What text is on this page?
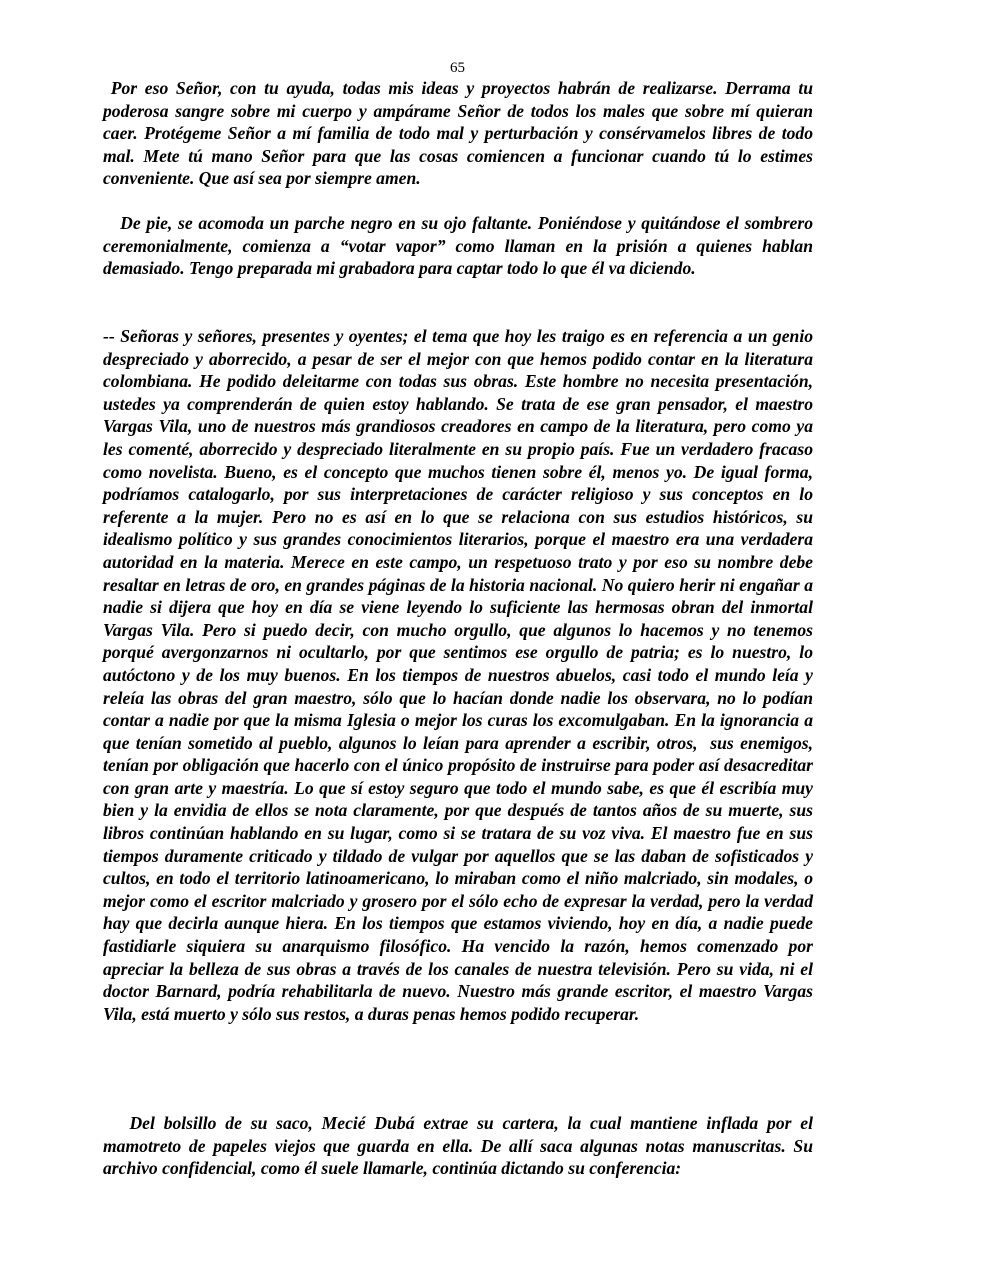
65

Por eso Señor, con tu ayuda, todas mis ideas y proyectos habrán de realizarse. Derrama tu poderosa sangre sobre mi cuerpo y ampárame Señor de todos los males que sobre mí quieran caer. Protégeme Señor a mí familia de todo mal y perturbación y consérvamelos libres de todo mal. Mete tú mano Señor para que las cosas comiencen a funcionar cuando tú lo estimes conveniente. Que así sea por siempre amen.

De pie, se acomoda un parche negro en su ojo faltante. Poniéndose y quitándose el sombrero ceremonialmente, comienza a “votar vapor” como llaman en la prisión a quienes hablan demasiado. Tengo preparada mi grabadora para captar todo lo que él va diciendo.

-- Señoras y señores, presentes y oyentes; el tema que hoy les traigo es en referencia a un genio despreciado y aborrecido, a pesar de ser el mejor con que hemos podido contar en la literatura colombiana. He podido deleitarme con todas sus obras. Este hombre no necesita presentación, ustedes ya comprenderán de quien estoy hablando. Se trata de ese gran pensador, el maestro Vargas Vila, uno de nuestros más grandiosos creadores en campo de la literatura, pero como ya les comenté, aborrecido y despreciado literalmente en su propio país. Fue un verdadero fracaso como novelista. Bueno, es el concepto que muchos tienen sobre él, menos yo. De igual forma, podríamos catalogarlo, por sus interpretaciones de carácter religioso y sus conceptos en lo referente a la mujer. Pero no es así en lo que se relaciona con sus estudios históricos, su idealismo político y sus grandes conocimientos literarios, porque el maestro era una verdadera autoridad en la materia. Merece en este campo, un respetuoso trato y por eso su nombre debe resaltar en letras de oro, en grandes páginas de la historia nacional. No quiero herir ni engañar a nadie si dijera que hoy en día se viene leyendo lo suficiente las hermosas obran del inmortal Vargas Vila. Pero si puedo decir, con mucho orgullo, que algunos lo hacemos y no tenemos porqué avergonzarnos ni ocultarlo, por que sentimos ese orgullo de patria; es lo nuestro, lo autóctono y de los muy buenos. En los tiempos de nuestros abuelos, casi todo el mundo leía y releía las obras del gran maestro, sólo que lo hacían donde nadie los observara, no lo podían contar a nadie por que la misma Iglesia o mejor los curas los excomulgaban. En la ignorancia a que tenían sometido al pueblo, algunos lo leían para aprender a escribir, otros,  sus enemigos, tenían por obligación que hacerlo con el único propósito de instruirse para poder así desacreditar con gran arte y maestría. Lo que sí estoy seguro que todo el mundo sabe, es que él escribía muy bien y la envidia de ellos se nota claramente, por que después de tantos años de su muerte, sus libros continúan hablando en su lugar, como si se tratara de su voz viva. El maestro fue en sus tiempos duramente criticado y tildado de vulgar por aquellos que se las daban de sofisticados y cultos, en todo el territorio latinoamericano, lo miraban como el niño malcriado, sin modales, o mejor como el escritor malcriado y grosero por el sólo echo de expresar la verdad, pero la verdad hay que decirla aunque hiera. En los tiempos que estamos viviendo, hoy en día, a nadie puede fastidiarle siquiera su anarquismo filosófico. Ha vencido la razón, hemos comenzado por apreciar la belleza de sus obras a través de los canales de nuestra televisión. Pero su vida, ni el doctor Barnard, podría rehabilitarla de nuevo. Nuestro más grande escritor, el maestro Vargas Vila, está muerto y sólo sus restos, a duras penas hemos podido recuperar.

Del bolsillo de su saco, Mecié Dubá extrae su cartera, la cual mantiene inflada por el mamotreto de papeles viejos que guarda en ella. De allí saca algunas notas manuscritas. Su archivo confidencial, como él suele llamarle, continúa dictando su conferencia:
